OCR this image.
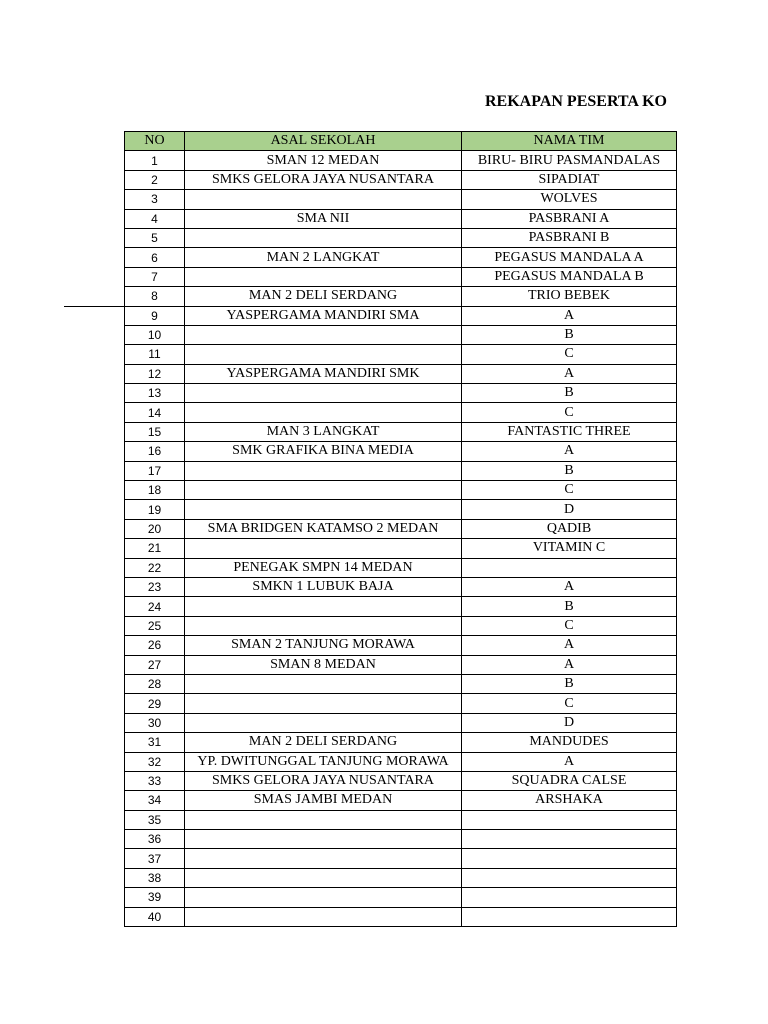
REKAPAN PESERTA KO
NO	ASAL SEKOLAH	NAMA TIM
1	SMAN 12 MEDAN	BIRU- BIRU PASMANDALAS
2	SMKS GELORA JAYA NUSANTARA	SIPADIAT
3		WOLVES
4	SMA NII	PASBRANI A
5		PASBRANI B
6	MAN 2 LANGKAT	PEGASUS MANDALA A
7		PEGASUS MANDALA B
8	MAN 2 DELI SERDANG	TRIO BEBEK
9	YASPERGAMA MANDIRI SMA	A
10		B
11		C
12	YASPERGAMA MANDIRI SMK	A
13		B
14		C
15	MAN 3 LANGKAT	FANTASTIC THREE
16	SMK GRAFIKA BINA MEDIA	A
17		B
18		C
19		D
20	SMA BRIDGEN KATAMSO 2 MEDAN	QADIB
21		VITAMIN C
22	PENEGAK SMPN 14 MEDAN	
23	SMKN 1 LUBUK BAJA	A
24		B
25		C
26	SMAN 2 TANJUNG MORAWA	A
27	SMAN 8 MEDAN	A
28		B
29		C
30		D
31	MAN 2 DELI SERDANG	MANDUDES
32	YP. DWITUNGGAL TANJUNG MORAWA	A
33	SMKS GELORA JAYA NUSANTARA	SQUADRA CALSE
34	SMAS JAMBI MEDAN	ARSHAKA
35		
36		
37		
38		
39		
40		
